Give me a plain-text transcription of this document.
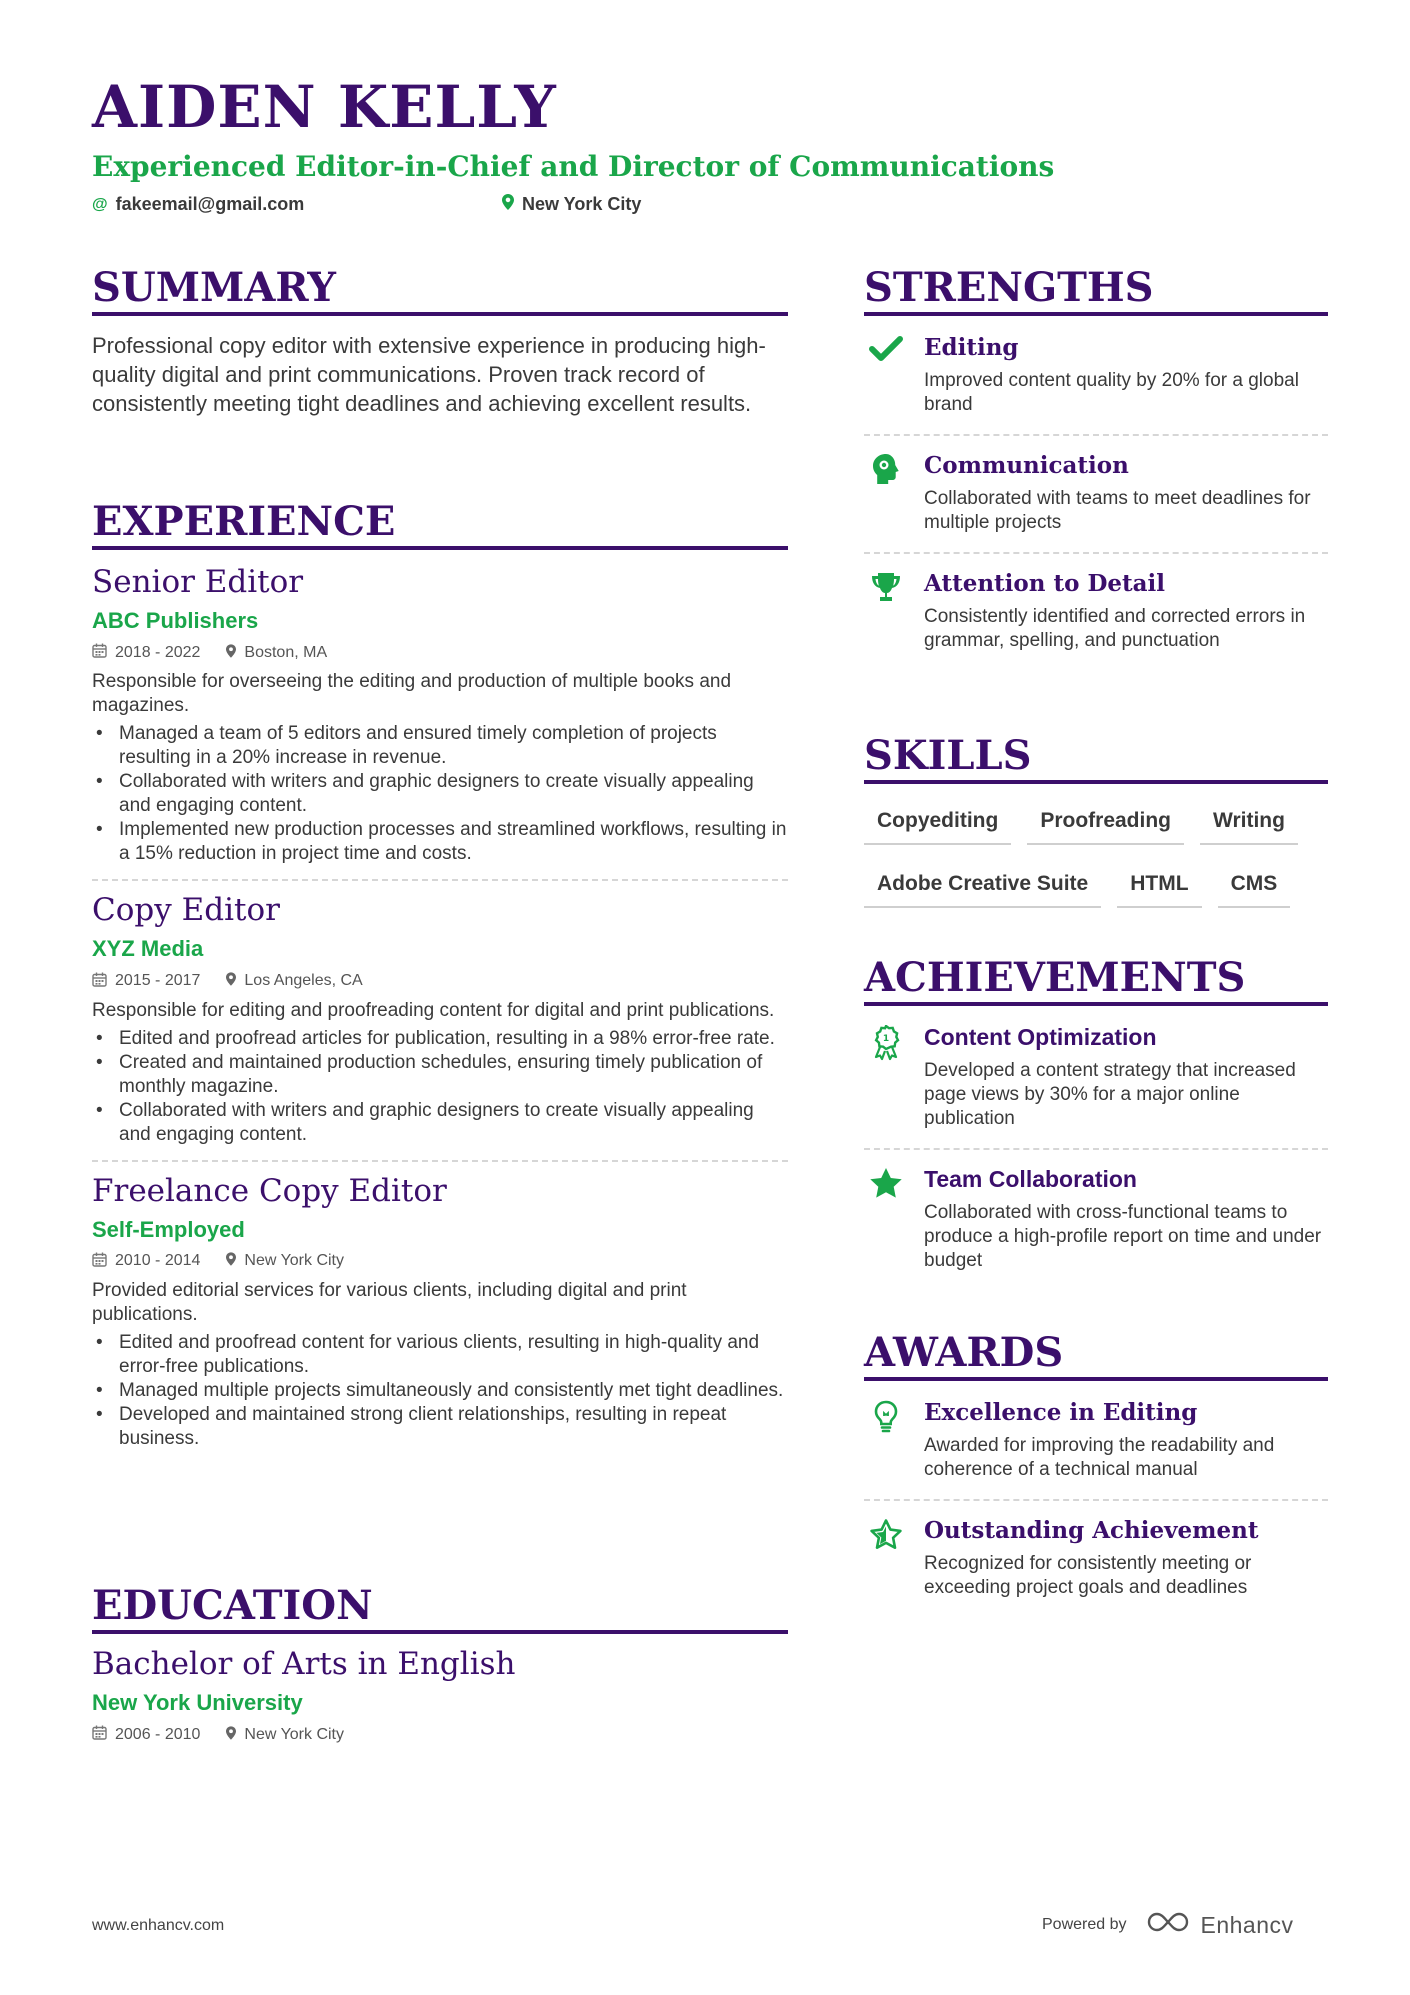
AIDEN KELLY
Experienced Editor-in-Chief and Director of Communications
@ fakeemail@gmail.com	New York City
SUMMARY
Professional copy editor with extensive experience in producing high-quality digital and print communications. Proven track record of consistently meeting tight deadlines and achieving excellent results.
EXPERIENCE
Senior Editor
ABC Publishers
2018 - 2022	Boston, MA
Responsible for overseeing the editing and production of multiple books and magazines.
• Managed a team of 5 editors and ensured timely completion of projects resulting in a 20% increase in revenue.
• Collaborated with writers and graphic designers to create visually appealing and engaging content.
• Implemented new production processes and streamlined workflows, resulting in a 15% reduction in project time and costs.
Copy Editor
XYZ Media
2015 - 2017	Los Angeles, CA
Responsible for editing and proofreading content for digital and print publications.
• Edited and proofread articles for publication, resulting in a 98% error-free rate.
• Created and maintained production schedules, ensuring timely publication of monthly magazine.
• Collaborated with writers and graphic designers to create visually appealing and engaging content.
Freelance Copy Editor
Self-Employed
2010 - 2014	New York City
Provided editorial services for various clients, including digital and print publications.
• Edited and proofread content for various clients, resulting in high-quality and error-free publications.
• Managed multiple projects simultaneously and consistently met tight deadlines.
• Developed and maintained strong client relationships, resulting in repeat business.
EDUCATION
Bachelor of Arts in English
New York University
2006 - 2010	New York City
STRENGTHS
Editing
Improved content quality by 20% for a global brand
Communication
Collaborated with teams to meet deadlines for multiple projects
Attention to Detail
Consistently identified and corrected errors in grammar, spelling, and punctuation
SKILLS
Copyediting	Proofreading	Writing
Adobe Creative Suite	HTML	CMS
ACHIEVEMENTS
1 Content Optimization
Developed a content strategy that increased page views by 30% for a major online publication
Team Collaboration
Collaborated with cross-functional teams to produce a high-profile report on time and under budget
AWARDS
Excellence in Editing
Awarded for improving the readability and coherence of a technical manual
Outstanding Achievement
Recognized for consistently meeting or exceeding project goals and deadlines
www.enhancv.com	Powered by	Enhancv
